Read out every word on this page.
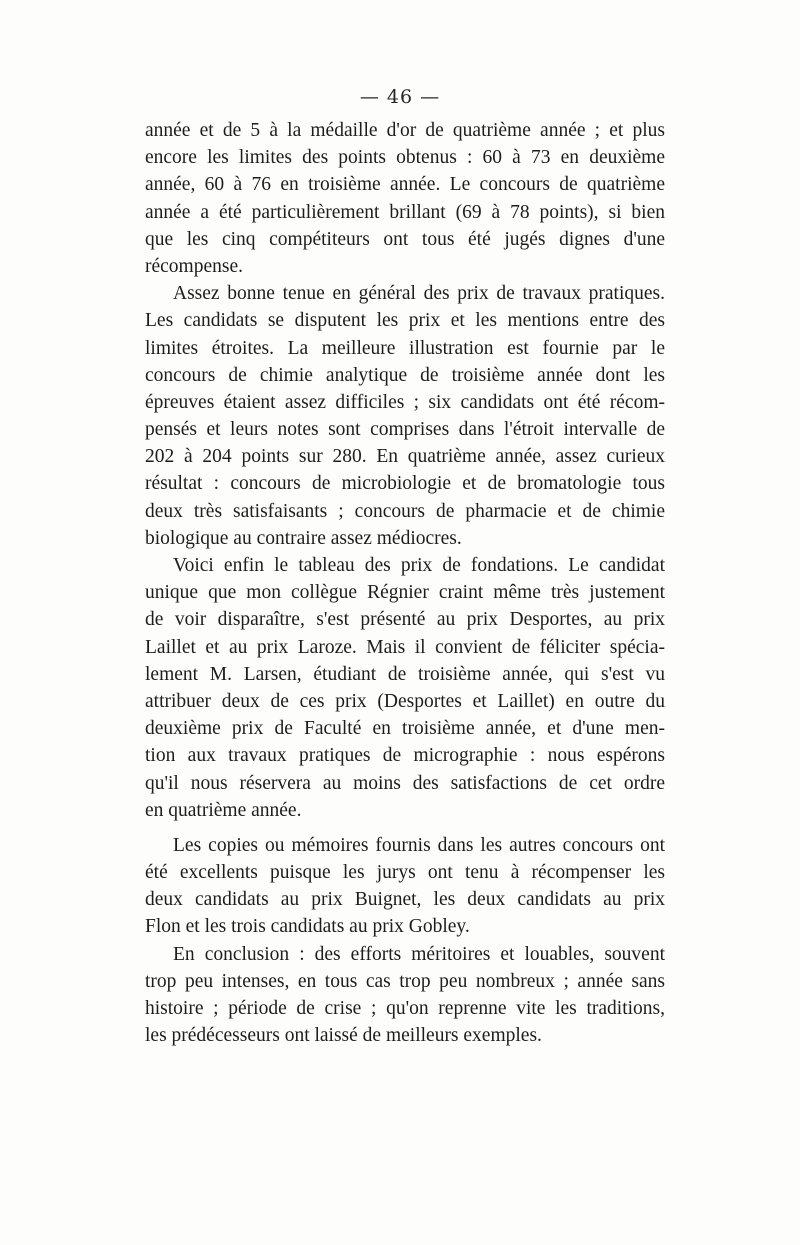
— 46 —
année et de 5 à la médaille d'or de quatrième année ; et plus
encore les limites des points obtenus : 60 à 73 en deuxième
année, 60 à 76 en troisième année. Le concours de quatrième
année a été particulièrement brillant (69 à 78 points), si bien
que les cinq compétiteurs ont tous été jugés dignes d'une
récompense.
Assez bonne tenue en général des prix de travaux pratiques.
Les candidats se disputent les prix et les mentions entre des
limites étroites. La meilleure illustration est fournie par le
concours de chimie analytique de troisième année dont les
épreuves étaient assez difficiles ; six candidats ont été récom-
pensés et leurs notes sont comprises dans l'étroit intervalle de
202 à 204 points sur 280. En quatrième année, assez curieux
résultat : concours de microbiologie et de bromatologie tous
deux très satisfaisants ; concours de pharmacie et de chimie
biologique au contraire assez médiocres.
Voici enfin le tableau des prix de fondations. Le candidat
unique que mon collègue Régnier craint même très justement
de voir disparaître, s'est présenté au prix Desportes, au prix
Laillet et au prix Laroze. Mais il convient de féliciter spécia-
lement M. Larsen, étudiant de troisième année, qui s'est vu
attribuer deux de ces prix (Desportes et Laillet) en outre du
deuxième prix de Faculté en troisième année, et d'une men-
tion aux travaux pratiques de micrographie : nous espérons
qu'il nous réservera au moins des satisfactions de cet ordre
en quatrième année.
Les copies ou mémoires fournis dans les autres concours ont
été excellents puisque les jurys ont tenu à récompenser les
deux candidats au prix Buignet, les deux candidats au prix
Flon et les trois candidats au prix Gobley.
En conclusion : des efforts méritoires et louables, souvent
trop peu intenses, en tous cas trop peu nombreux ; année sans
histoire ; période de crise ; qu'on reprenne vite les traditions,
les prédécesseurs ont laissé de meilleurs exemples.
